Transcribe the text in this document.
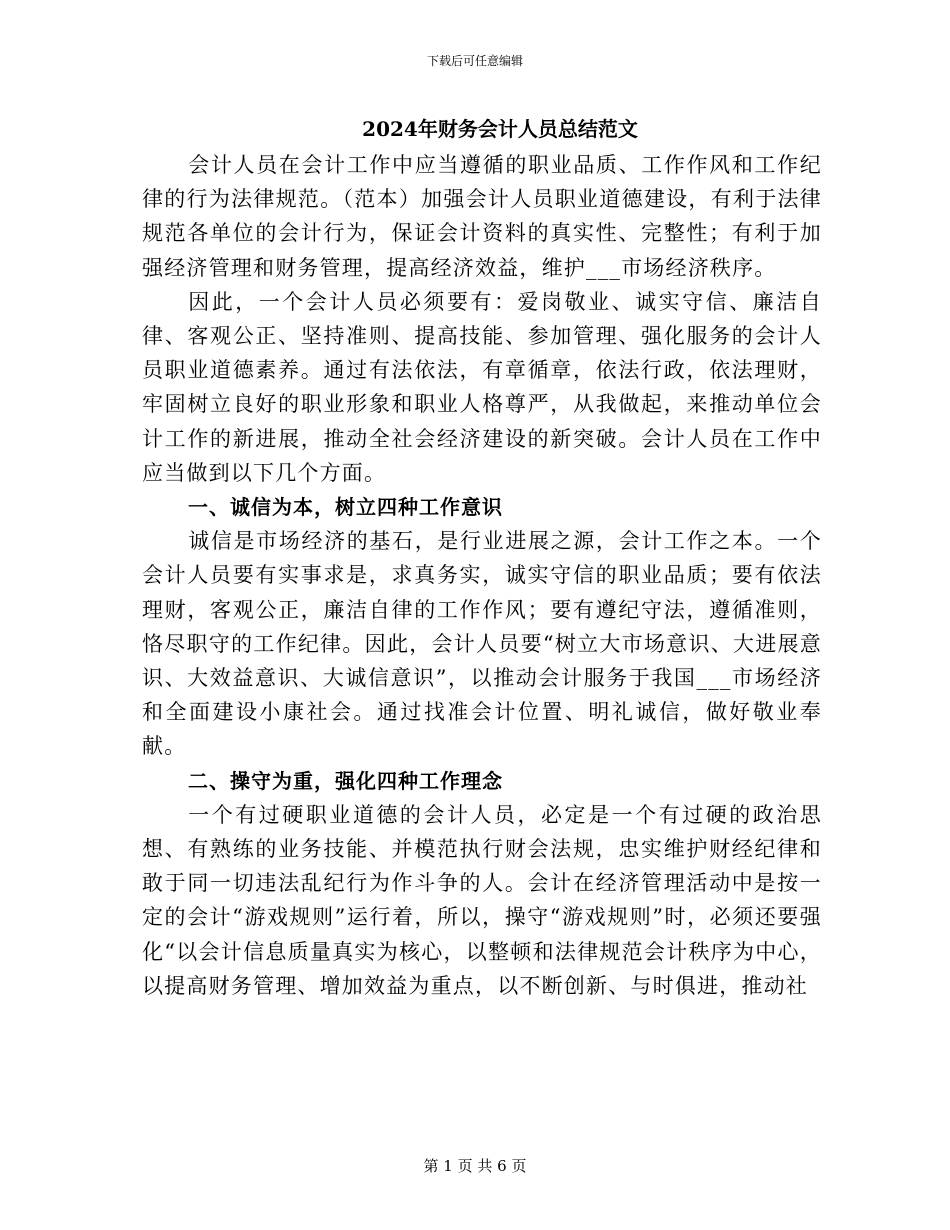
下载后可任意编辑
2024年财务会计人员总结范文

会计人员在会计工作中应当遵循的职业品质、工作作风和工作纪律的行为法律规范。（范本）加强会计人员职业道德建设，有利于法律规范各单位的会计行为，保证会计资料的真实性、完整性；有利于加强经济管理和财务管理，提高经济效益，维护___市场经济秩序。

因此，一个会计人员必须要有：爱岗敬业、诚实守信、廉洁自律、客观公正、坚持准则、提高技能、参加管理、强化服务的会计人员职业道德素养。通过有法依法，有章循章，依法行政，依法理财，牢固树立良好的职业形象和职业人格尊严，从我做起，来推动单位会计工作的新进展，推动全社会经济建设的新突破。会计人员在工作中应当做到以下几个方面。

一、诚信为本，树立四种工作意识

诚信是市场经济的基石，是行业进展之源，会计工作之本。一个会计人员要有实事求是，求真务实，诚实守信的职业品质；要有依法理财，客观公正，廉洁自律的工作作风；要有遵纪守法，遵循准则，恪尽职守的工作纪律。因此，会计人员要“树立大市场意识、大进展意识、大效益意识、大诚信意识”，以推动会计服务于我国___市场经济和全面建设小康社会。通过找准会计位置、明礼诚信，做好敬业奉献。

二、操守为重，强化四种工作理念

一个有过硬职业道德的会计人员，必定是一个有过硬的政治思想、有熟练的业务技能、并模范执行财会法规，忠实维护财经纪律和敢于同一切违法乱纪行为作斗争的人。会计在经济管理活动中是按一定的会计“游戏规则”运行着，所以，操守“游戏规则”时，必须还要强化“以会计信息质量真实为核心，以整顿和法律规范会计秩序为中心，以提高财务管理、增加效益为重点，以不断创新、与时俱进，推动社

第 1 页 共 6 页
